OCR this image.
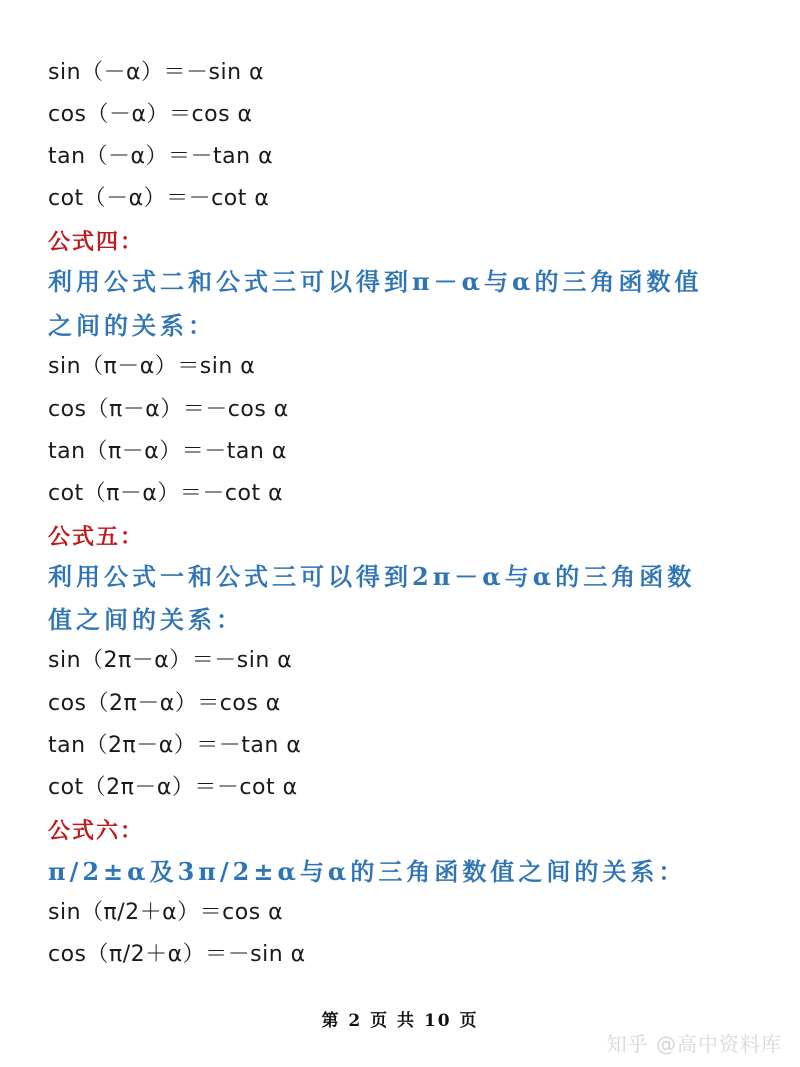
sin（－α）＝－sin α
cos（－α）＝cos α
tan（－α）＝－tan α
cot（－α）＝－cot α
公式四：
利用公式二和公式三可以得到π－α与α的三角函数值
之间的关系：
sin（π－α）＝sin α
cos（π－α）＝－cos α
tan（π－α）＝－tan α
cot（π－α）＝－cot α
公式五：
利用公式一和公式三可以得到2π－α与α的三角函数
值之间的关系：
sin（2π－α）＝－sin α
cos（2π－α）＝cos α
tan（2π－α）＝－tan α
cot（2π－α）＝－cot α
公式六：
π/2±α及3π/2±α与α的三角函数值之间的关系：
sin（π/2＋α）＝cos α
cos（π/2＋α）＝－sin α
第 2 页 共 10 页
知乎 @高中资料库
